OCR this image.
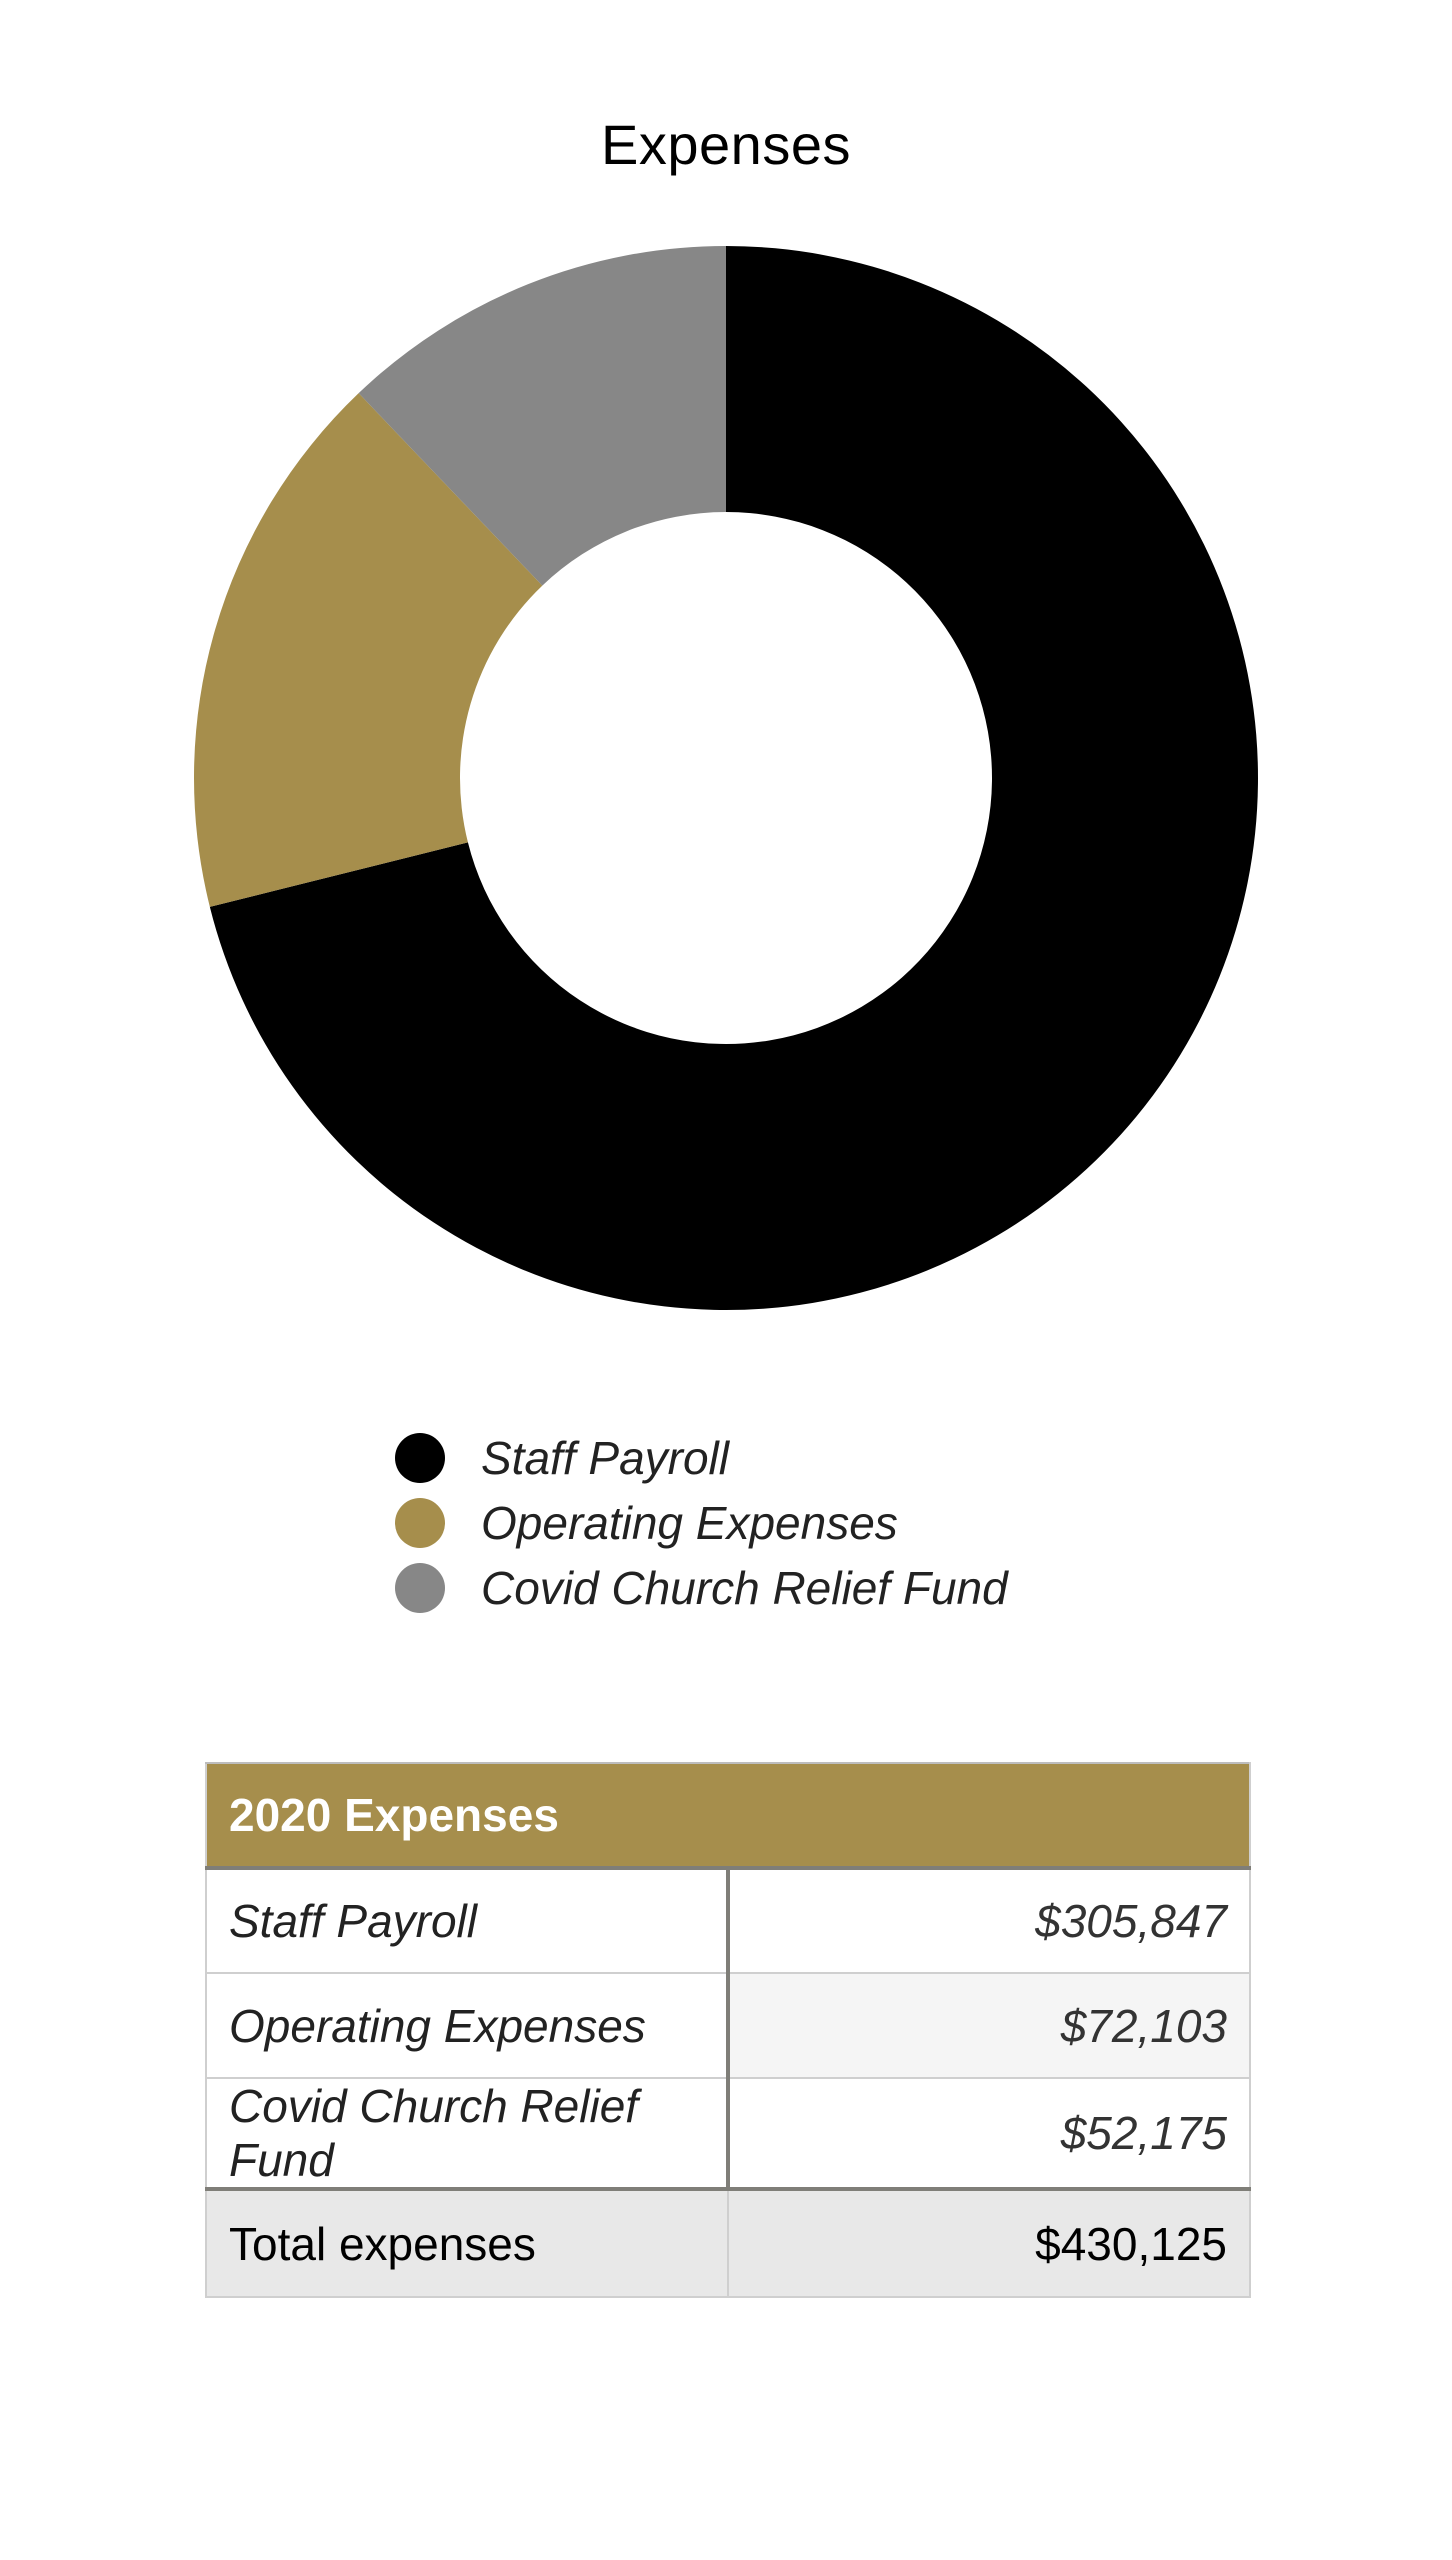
Expenses
Staff Payroll
Operating Expenses
Covid Church Relief Fund
2020 Expenses	
Staff Payroll	$305,847
Operating Expenses	$72,103
Covid Church Relief Fund	$52,175
Total expenses	$430,125
